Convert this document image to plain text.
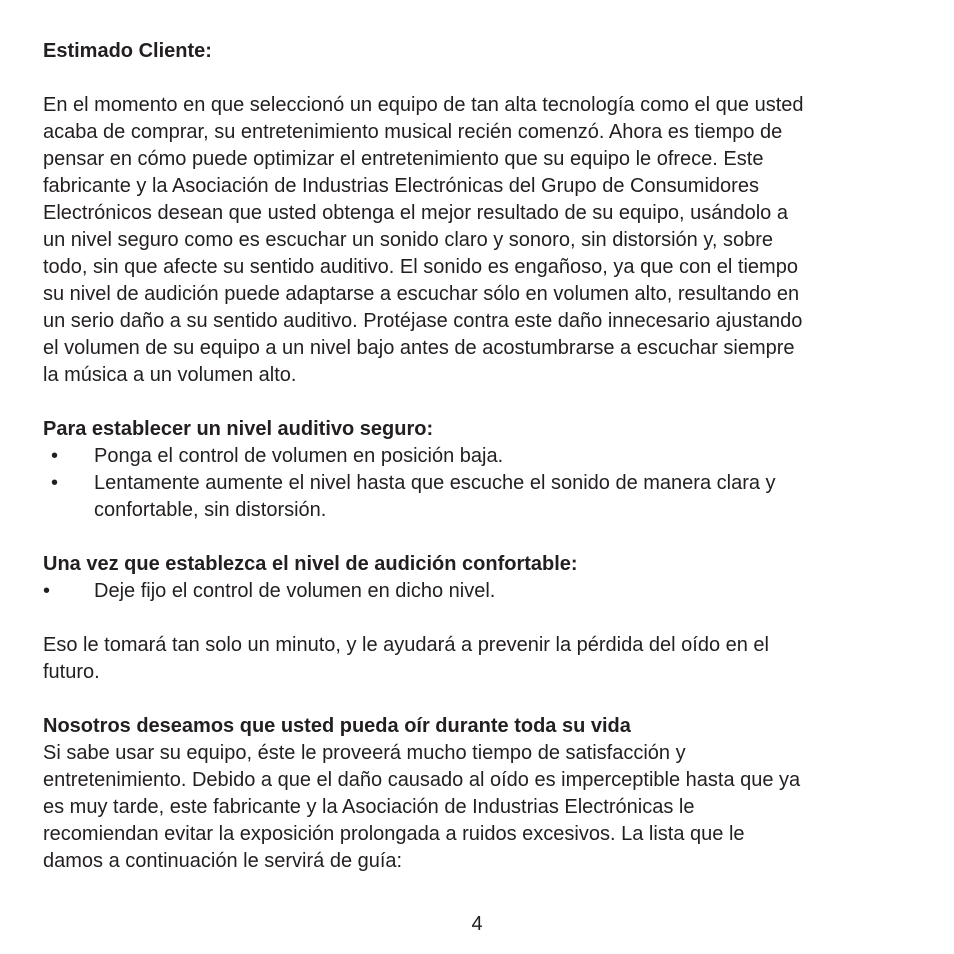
Estimado Cliente:
En el momento en que seleccionó un equipo de tan alta tecnología como el que usted
acaba de comprar, su entretenimiento musical recién comenzó. Ahora es tiempo de
pensar en cómo puede optimizar el entretenimiento que su equipo le ofrece. Este
fabricante y la Asociación de Industrias Electrónicas del Grupo de Consumidores
Electrónicos desean que usted obtenga el mejor resultado de su equipo, usándolo a
un nivel seguro como es escuchar un sonido claro y sonoro, sin distorsión y, sobre
todo, sin que afecte su sentido auditivo. El sonido es engañoso, ya que con el tiempo
su nivel de audición puede adaptarse a escuchar sólo en volumen alto, resultando en
un serio daño a su sentido auditivo. Protéjase contra este daño innecesario ajustando
el volumen de su equipo a un nivel bajo antes de acostumbrarse a escuchar siempre
la música a un volumen alto.
Para establecer un nivel auditivo seguro:
• Ponga el control de volumen en posición baja.
• Lentamente aumente el nivel hasta que escuche el sonido de manera clara y
confortable, sin distorsión.
Una vez que establezca el nivel de audición confortable:
• Deje fijo el control de volumen en dicho nivel.
Eso le tomará tan solo un minuto, y le ayudará a prevenir la pérdida del oído en el
futuro.
Nosotros deseamos que usted pueda oír durante toda su vida
Si sabe usar su equipo, éste le proveerá mucho tiempo de satisfacción y
entretenimiento. Debido a que el daño causado al oído es imperceptible hasta que ya
es muy tarde, este fabricante y la Asociación de Industrias Electrónicas le
recomiendan evitar la exposición prolongada a ruidos excesivos. La lista que le
damos a continuación le servirá de guía:
4
